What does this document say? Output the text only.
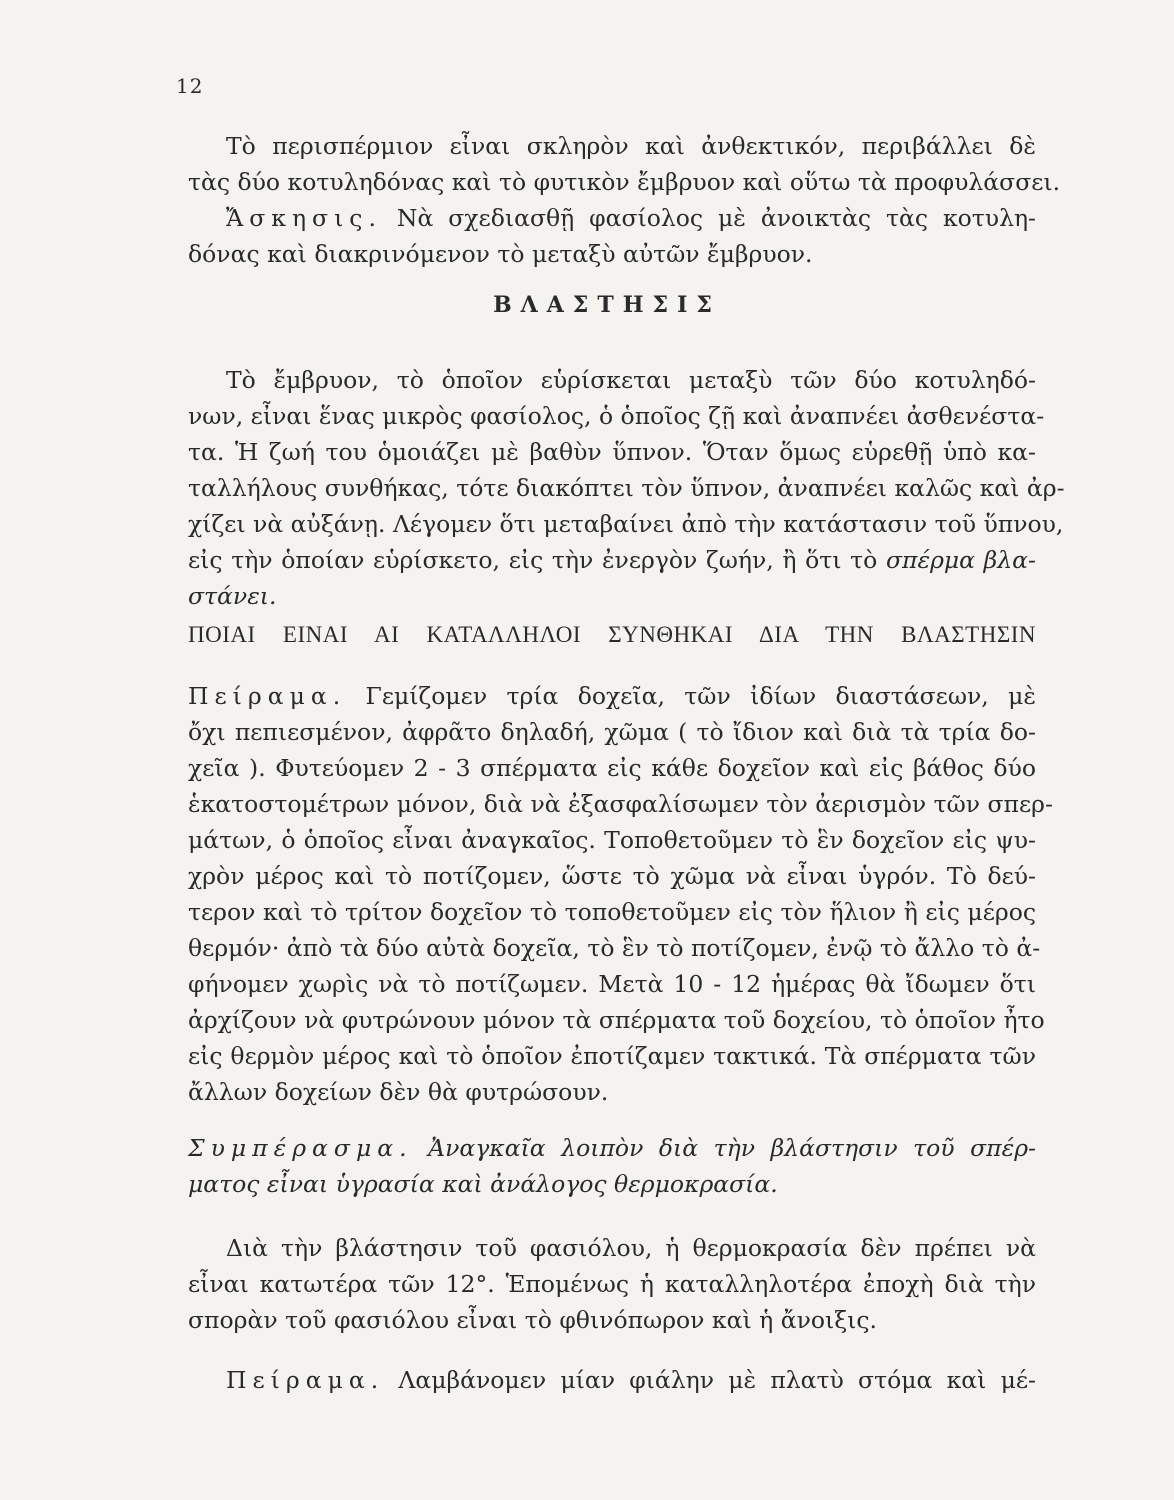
12
Τὸ περισπέρμιον εἶναι σκληρὸν καὶ ἀνθεκτικόν, περιβάλλει δὲ
τὰς δύο κοτυληδόνας καὶ τὸ φυτικὸν ἔμβρυον καὶ οὕτω τὰ προφυλάσσει.
Ἄσκησις. Νὰ σχεδιασθῇ φασίολος μὲ ἀνοικτὰς τὰς κοτυλη-
δόνας καὶ διακρινόμενον τὸ μεταξὺ αὐτῶν ἔμβρυον.
ΒΛΑΣΤΗΣΙΣ
Τὸ ἔμβρυον, τὸ ὁποῖον εὑρίσκεται μεταξὺ τῶν δύο κοτυληδό-
νων, εἶναι ἕνας μικρὸς φασίολος, ὁ ὁποῖος ζῇ καὶ ἀναπνέει ἀσθενέστα-
τα. Ἡ ζωή του ὁμοιάζει μὲ βαθὺν ὕπνον. Ὅταν ὅμως εὑρεθῇ ὑπὸ κα-
ταλλήλους συνθήκας, τότε διακόπτει τὸν ὕπνον, ἀναπνέει καλῶς καὶ ἀρ-
χίζει νὰ αὐξάνῃ. Λέγομεν ὅτι μεταβαίνει ἀπὸ τὴν κατάστασιν τοῦ ὕπνου,
εἰς τὴν ὁποίαν εὑρίσκετο, εἰς τὴν ἐνεργὸν ζωήν, ἢ ὅτι τὸ σπέρμα βλα-
στάνει.
ΠΟΙΑΙ ΕΙΝΑΙ ΑΙ ΚΑΤΑΛΛΗΛΟΙ ΣΥΝΘΗΚΑΙ ΔΙΑ ΤΗΝ ΒΛΑΣΤΗΣΙΝ
Πείραμα. Γεμίζομεν τρία δοχεῖα, τῶν ἰδίων διαστάσεων, μὲ
ὄχι πεπιεσμένον, ἀφρᾶτο δηλαδή, χῶμα ( τὸ ἴδιον καὶ διὰ τὰ τρία δο-
χεῖα ). Φυτεύομεν 2 - 3 σπέρματα εἰς κάθε δοχεῖον καὶ εἰς βάθος δύο
ἑκατοστομέτρων μόνον, διὰ νὰ ἐξασφαλίσωμεν τὸν ἀερισμὸν τῶν σπερ-
μάτων, ὁ ὁποῖος εἶναι ἀναγκαῖος. Τοποθετοῦμεν τὸ ἓν δοχεῖον εἰς ψυ-
χρὸν μέρος καὶ τὸ ποτίζομεν, ὥστε τὸ χῶμα νὰ εἶναι ὑγρόν. Τὸ δεύ-
τερον καὶ τὸ τρίτον δοχεῖον τὸ τοποθετοῦμεν εἰς τὸν ἥλιον ἢ εἰς μέρος
θερμόν· ἀπὸ τὰ δύο αὐτὰ δοχεῖα, τὸ ἓν τὸ ποτίζομεν, ἐνῷ τὸ ἄλλο τὸ ἀ-
φήνομεν χωρὶς νὰ τὸ ποτίζωμεν. Μετὰ 10 - 12 ἡμέρας θὰ ἴδωμεν ὅτι
ἀρχίζουν νὰ φυτρώνουν μόνον τὰ σπέρματα τοῦ δοχείου, τὸ ὁποῖον ἦτο
εἰς θερμὸν μέρος καὶ τὸ ὁποῖον ἐποτίζαμεν τακτικά. Τὰ σπέρματα τῶν
ἄλλων δοχείων δὲν θὰ φυτρώσουν.
Συμπέρασμα. Ἀναγκαῖα λοιπὸν διὰ τὴν βλάστησιν τοῦ σπέρ-
ματος εἶναι ὑγρασία καὶ ἀνάλογος θερμοκρασία.
Διὰ τὴν βλάστησιν τοῦ φασιόλου, ἡ θερμοκρασία δὲν πρέπει νὰ
εἶναι κατωτέρα τῶν 12°. Ἑπομένως ἡ καταλληλοτέρα ἐποχὴ διὰ τὴν
σπορὰν τοῦ φασιόλου εἶναι τὸ φθινόπωρον καὶ ἡ ἄνοιξις.
Πείραμα. Λαμβάνομεν μίαν φιάλην μὲ πλατὺ στόμα καὶ μέ-
